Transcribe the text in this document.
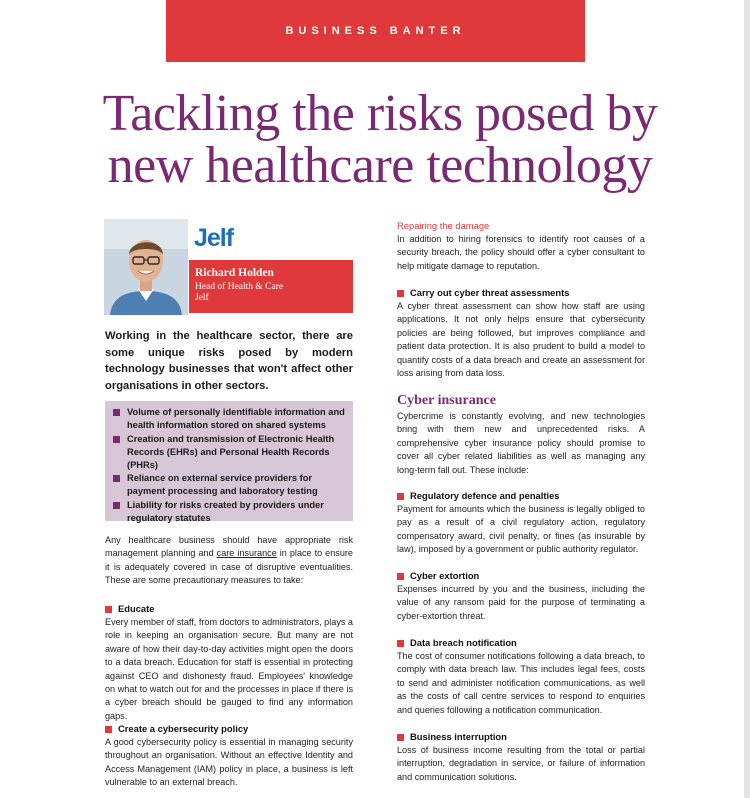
BUSINESS BANTER
Tackling the risks posed by
new healthcare technology
Jelf
Richard Holden
Head of Health & Care
Jelf
Working in the healthcare sector, there are some unique risks posed by modern technology businesses that won't affect other organisations in other sectors.
Volume of personally identifiable information and health information stored on shared systems
Creation and transmission of Electronic Health Records (EHRs) and Personal Health Records (PHRs)
Reliance on external service providers for payment processing and laboratory testing
Liability for risks created by providers under regulatory statutes

Any healthcare business should have appropriate risk management planning and care insurance in place to ensure it is adequately covered in case of disruptive eventualities. These are some precautionary measures to take:

Educate
Every member of staff, from doctors to administrators, plays a role in keeping an organisation secure. But many are not aware of how their day-to-day activities might open the doors to a data breach. Education for staff is essential in protecting against CEO and dishonesty fraud. Employees' knowledge on what to watch out for and the processes in place if there is a cyber breach should be gauged to find any information gaps.
Create a cybersecurity policy
A good cybersecurity policy is essential in managing security throughout an organisation. Without an effective Identity and Access Management (IAM) policy in place, a business is left vulnerable to an external breach.
Repairing the damage
In addition to hiring forensics to identify root causes of a security breach, the policy should offer a cyber consultant to help mitigate damage to reputation.
Carry out cyber threat assessments
A cyber threat assessment can show how staff are using applications. It not only helps ensure that cybersecurity policies are being followed, but improves compliance and patient data protection. It is also prudent to build a model to quantify costs of a data breach and create an assessment for loss arising from data loss.
Cyber insurance
Cybercrime is constantly evolving, and new technologies bring with them new and unprecedented risks. A comprehensive cyber insurance policy should promise to cover all cyber related liabilities as well as managing any long-term fall out. These include:
Regulatory defence and penalties
Payment for amounts which the business is legally obliged to pay as a result of a civil regulatory action, regulatory compensatory award, civil penalty, or fines (as insurable by law), imposed by a government or public authority regulator.
Cyber extortion
Expenses incurred by you and the business, including the value of any ransom paid for the purpose of terminating a cyber-extortion threat.
Data breach notification
The cost of consumer notifications following a data breach, to comply with data breach law. This includes legal fees, costs to send and administer notification communications, as well as the costs of call centre services to respond to enquiries and queries following a notification communication.
Business interruption
Loss of business income resulting from the total or partial interruption, degradation in service, or failure of information and communication solutions.
